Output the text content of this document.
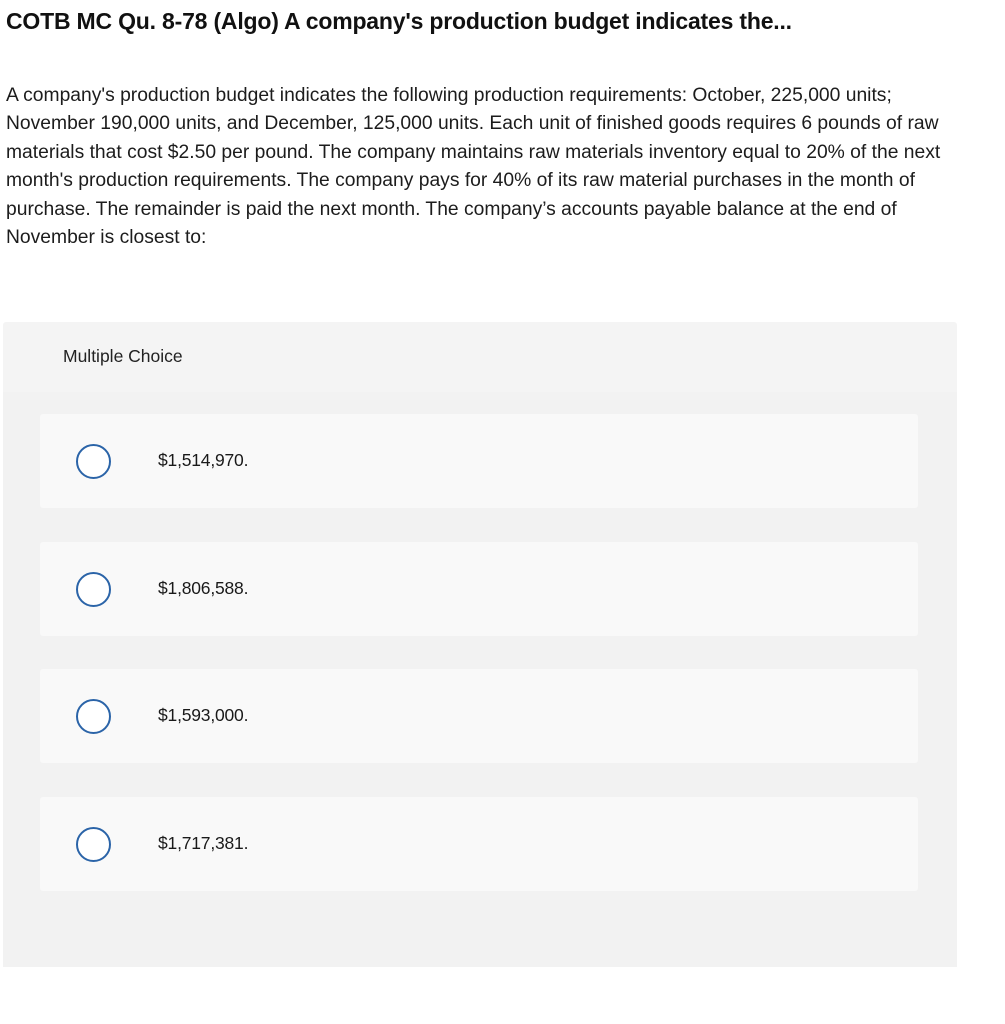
COTB MC Qu. 8-78 (Algo) A company's production budget indicates the...

A company's production budget indicates the following production requirements: October, 225,000 units; November 190,000 units, and December, 125,000 units. Each unit of finished goods requires 6 pounds of raw materials that cost $2.50 per pound. The company maintains raw materials inventory equal to 20% of the next month's production requirements. The company pays for 40% of its raw material purchases in the month of purchase. The remainder is paid the next month. The company’s accounts payable balance at the end of November is closest to:

Multiple Choice
$1,514,970.
$1,806,588.
$1,593,000.
$1,717,381.
